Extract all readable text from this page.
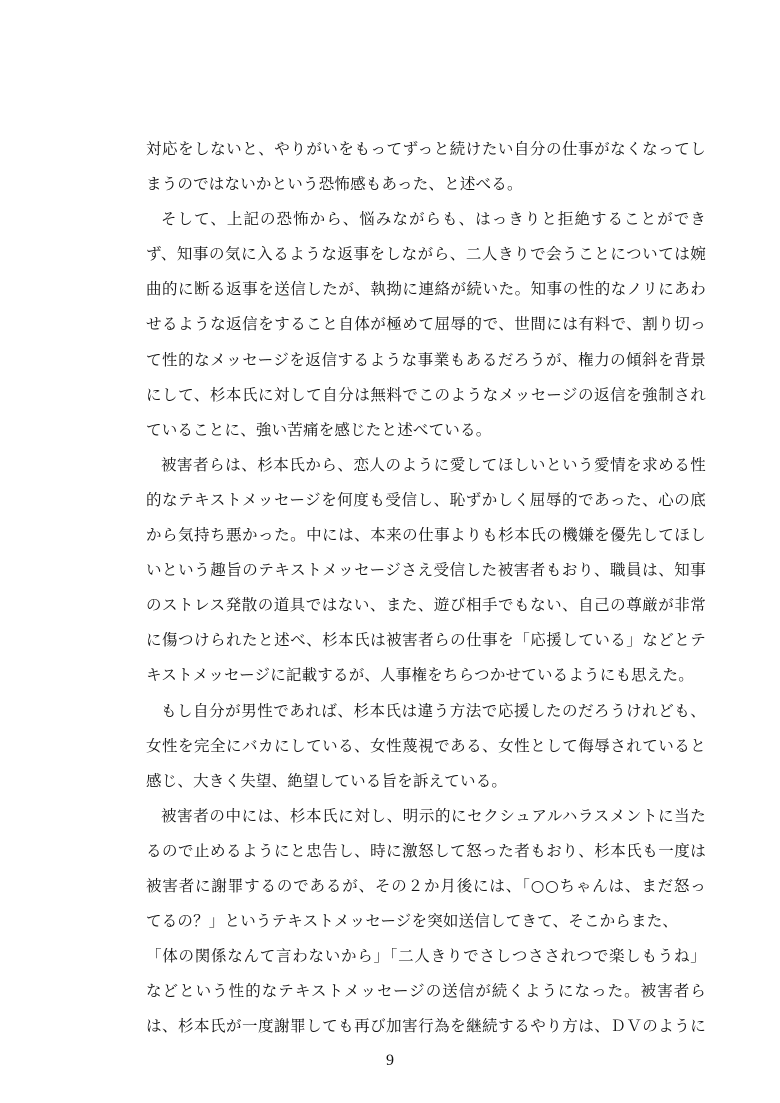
対応をしないと、やりがいをもってずっと続けたい自分の仕事がなくなってし
まうのではないかという恐怖感もあった、と述べる。
そして、上記の恐怖から、悩みながらも、はっきりと拒絶することができ
ず、知事の気に入るような返事をしながら、二人きりで会うことについては婉
曲的に断る返事を送信したが、執拗に連絡が続いた。知事の性的なノリにあわ
せるような返信をすること自体が極めて屈辱的で、世間には有料で、割り切っ
て性的なメッセージを返信するような事業もあるだろうが、権力の傾斜を背景
にして、杉本氏に対して自分は無料でこのようなメッセージの返信を強制され
ていることに、強い苦痛を感じたと述べている。
被害者らは、杉本氏から、恋人のように愛してほしいという愛情を求める性
的なテキストメッセージを何度も受信し、恥ずかしく屈辱的であった、心の底
から気持ち悪かった。中には、本来の仕事よりも杉本氏の機嫌を優先してほし
いという趣旨のテキストメッセージさえ受信した被害者もおり、職員は、知事
のストレス発散の道具ではない、また、遊び相手でもない、自己の尊厳が非常
に傷つけられたと述べ、杉本氏は被害者らの仕事を「応援している」などとテ
キストメッセージに記載するが、人事権をちらつかせているようにも思えた。
もし自分が男性であれば、杉本氏は違う方法で応援したのだろうけれども、
女性を完全にバカにしている、女性蔑視である、女性として侮辱されていると
感じ、大きく失望、絶望している旨を訴えている。
被害者の中には、杉本氏に対し、明示的にセクシュアルハラスメントに当た
るので止めるようにと忠告し、時に激怒して怒った者もおり、杉本氏も一度は
被害者に謝罪するのであるが、その２か月後には、「○○ちゃんは、まだ怒っ
てるの？」というテキストメッセージを突如送信してきて、そこからまた、
「体の関係なんて言わないから」「二人きりでさしつさされつで楽しもうね」
などという性的なテキストメッセージの送信が続くようになった。被害者ら
は、杉本氏が一度謝罪しても再び加害行為を継続するやり方は、ＤＶのように
9
